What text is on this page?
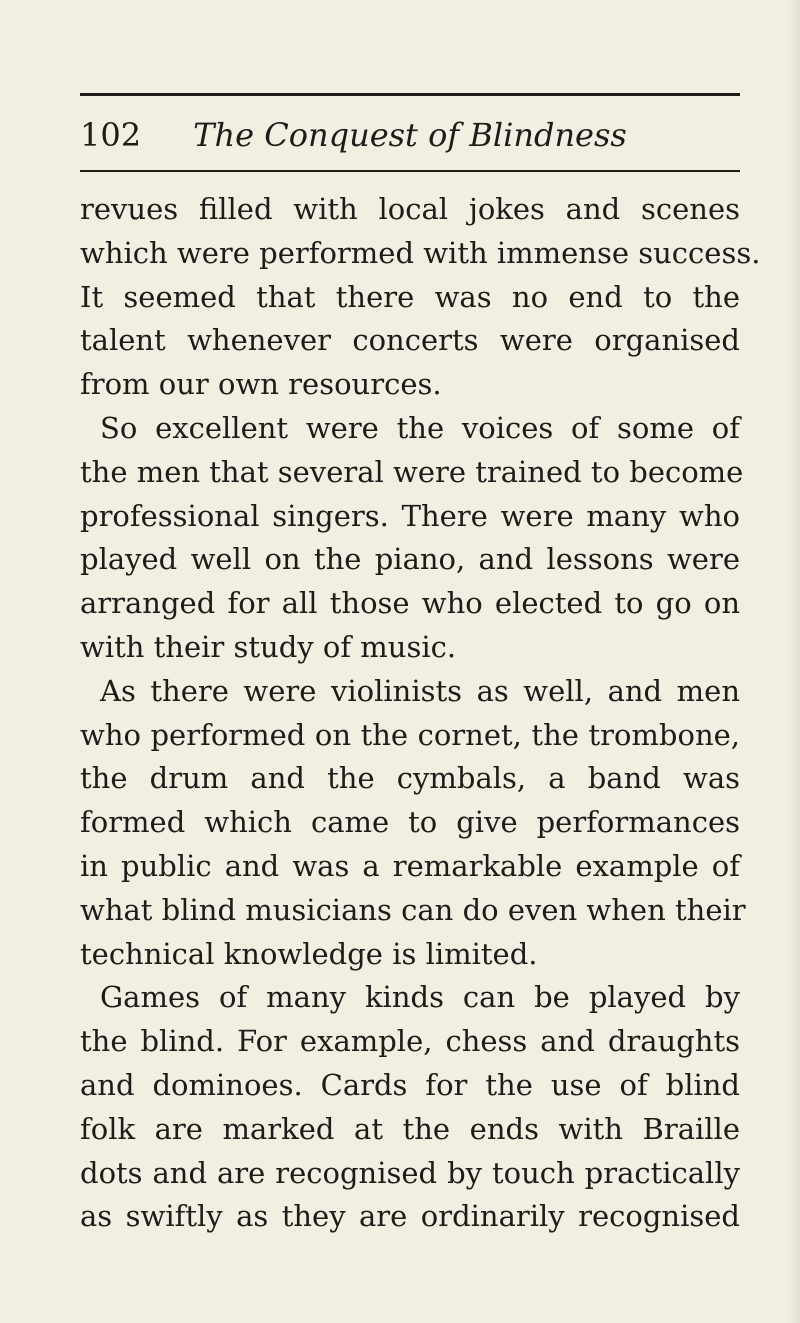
102	The Conquest of Blindness
revues filled with local jokes and scenes
which were performed with immense success.
It seemed that there was no end to the
talent whenever concerts were organised
from our own resources.
So excellent were the voices of some of
the men that several were trained to become
professional singers. There were many who
played well on the piano, and lessons were
arranged for all those who elected to go on
with their study of music.
As there were violinists as well, and men
who performed on the cornet, the trombone,
the drum and the cymbals, a band was
formed which came to give performances
in public and was a remarkable example of
what blind musicians can do even when their
technical knowledge is limited.
Games of many kinds can be played by
the blind. For example, chess and draughts
and dominoes. Cards for the use of blind
folk are marked at the ends with Braille
dots and are recognised by touch practically
as swiftly as they are ordinarily recognised
